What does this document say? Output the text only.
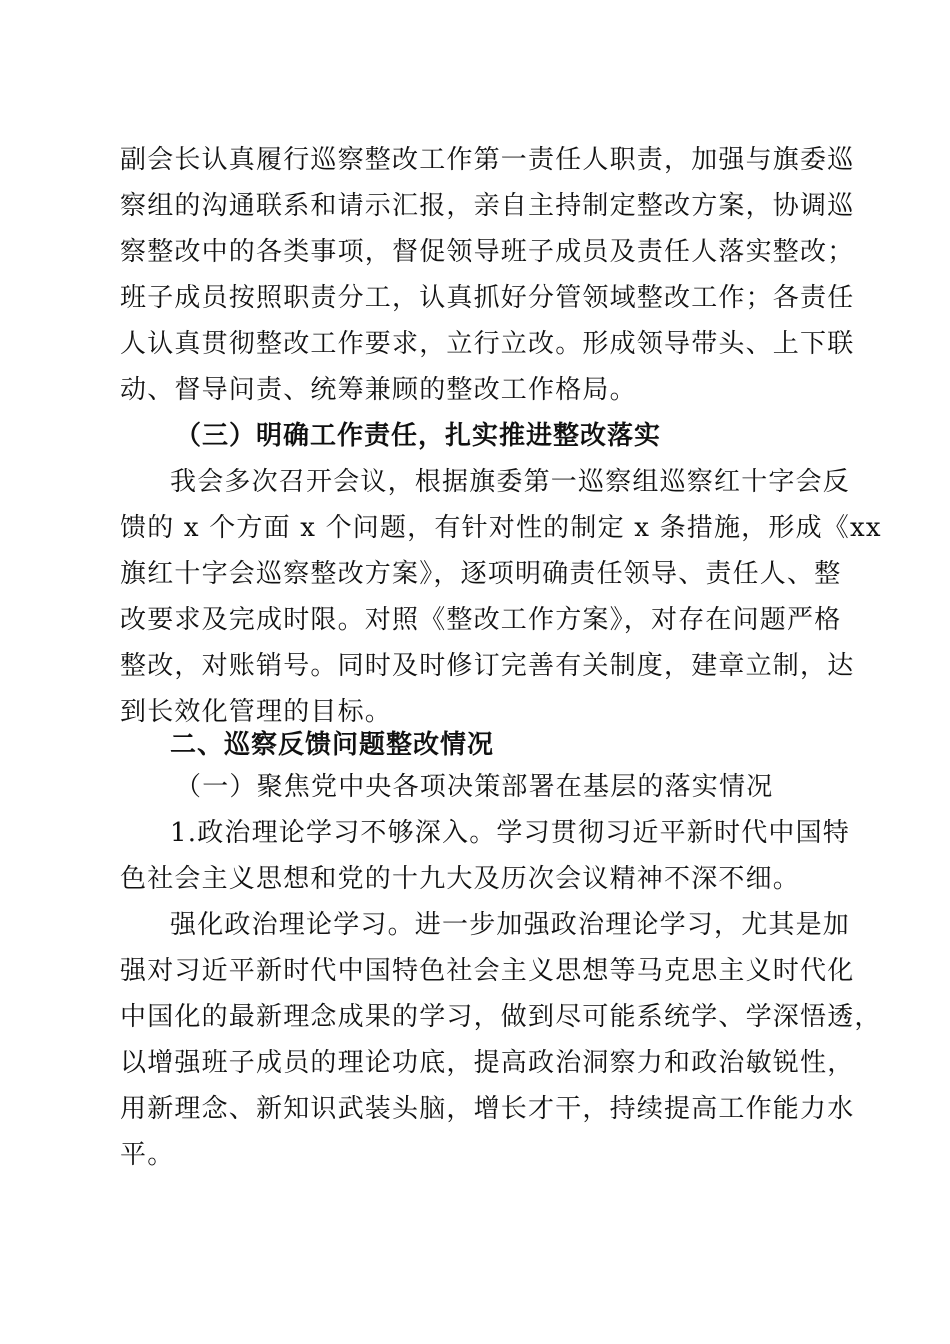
副会长认真履行巡察整改工作第一责任人职责，加强与旗委巡
察组的沟通联系和请示汇报，亲自主持制定整改方案，协调巡
察整改中的各类事项，督促领导班子成员及责任人落实整改；
班子成员按照职责分工，认真抓好分管领域整改工作；各责任
人认真贯彻整改工作要求，立行立改。形成领导带头、上下联
动、督导问责、统筹兼顾的整改工作格局。
（三）明确工作责任，扎实推进整改落实
我会多次召开会议，根据旗委第一巡察组巡察红十字会反
馈的 x 个方面 x 个问题，有针对性的制定 x 条措施，形成《xx
旗红十字会巡察整改方案》，逐项明确责任领导、责任人、整
改要求及完成时限。对照《整改工作方案》，对存在问题严格
整改，对账销号。同时及时修订完善有关制度，建章立制，达
到长效化管理的目标。
二、巡察反馈问题整改情况
（一）聚焦党中央各项决策部署在基层的落实情况
1.政治理论学习不够深入。学习贯彻习近平新时代中国特
色社会主义思想和党的十九大及历次会议精神不深不细。
强化政治理论学习。进一步加强政治理论学习，尤其是加
强对习近平新时代中国特色社会主义思想等马克思主义时代化
中国化的最新理念成果的学习，做到尽可能系统学、学深悟透，
以增强班子成员的理论功底，提高政治洞察力和政治敏锐性，
用新理念、新知识武装头脑，增长才干，持续提高工作能力水
平。
